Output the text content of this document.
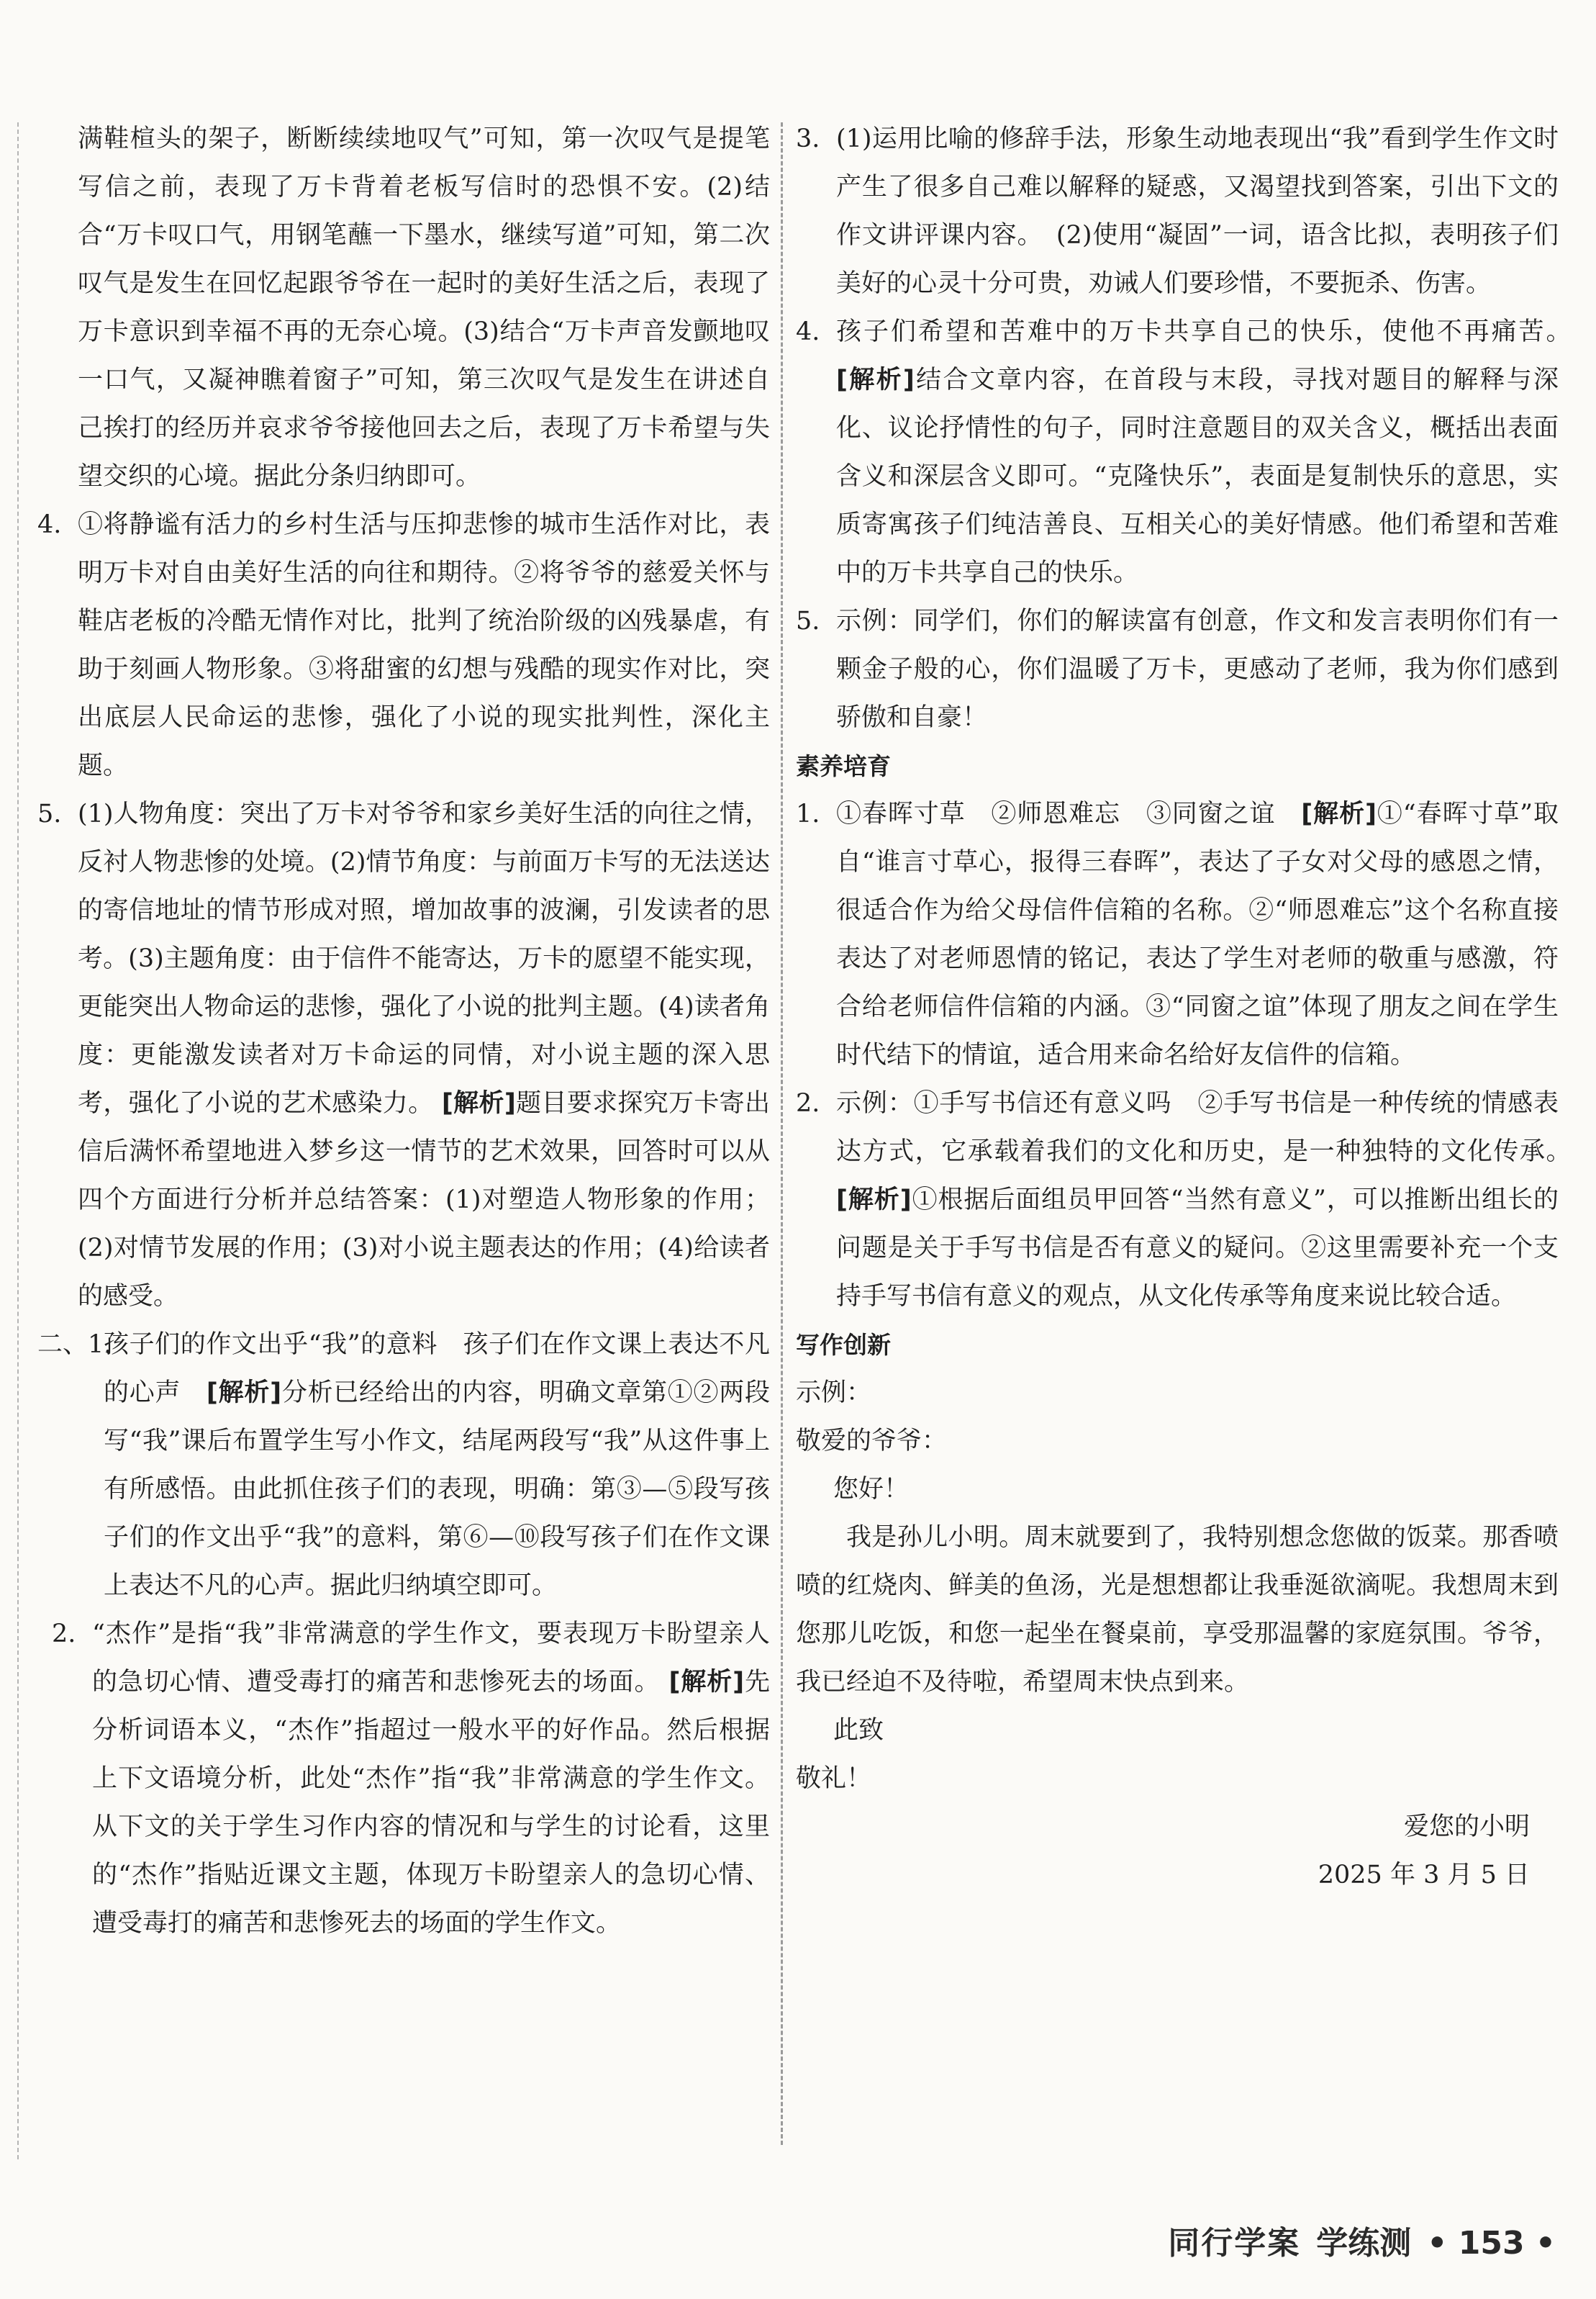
满鞋楦头的架子，断断续续地叹气”可知，第一次叹气是提笔写信之前，表现了万卡背着老板写信时的恐惧不安。(2)结合“万卡叹口气，用钢笔蘸一下墨水，继续写道”可知，第二次叹气是发生在回忆起跟爷爷在一起时的美好生活之后，表现了万卡意识到幸福不再的无奈心境。(3)结合“万卡声音发颤地叹一口气，又凝神瞧着窗子”可知，第三次叹气是发生在讲述自己挨打的经历并哀求爷爷接他回去之后，表现了万卡希望与失望交织的心境。据此分条归纳即可。

4. ①将静谧有活力的乡村生活与压抑悲惨的城市生活作对比，表明万卡对自由美好生活的向往和期待。②将爷爷的慈爱关怀与鞋店老板的冷酷无情作对比，批判了统治阶级的凶残暴虐，有助于刻画人物形象。③将甜蜜的幻想与残酷的现实作对比，突出底层人民命运的悲惨，强化了小说的现实批判性，深化主题。
5. (1)人物角度：突出了万卡对爷爷和家乡美好生活的向往之情，反衬人物悲惨的处境。(2)情节角度：与前面万卡写的无法送达的寄信地址的情节形成对照，增加故事的波澜，引发读者的思考。(3)主题角度：由于信件不能寄达，万卡的愿望不能实现，更能突出人物命运的悲惨，强化了小说的批判主题。(4)读者角度：更能激发读者对万卡命运的同情，对小说主题的深入思考，强化了小说的艺术感染力。 [解析]题目要求探究万卡寄出信后满怀希望地进入梦乡这一情节的艺术效果，回答时可以从四个方面进行分析并总结答案：(1)对塑造人物形象的作用；(2)对情节发展的作用；(3)对小说主题表达的作用；(4)给读者的感受。
二、1.
孩子们的作文出乎“我”的意料　孩子们在作文课上表达不凡的心声　[解析]分析已经给出的内容，明确文章第①②两段写“我”课后布置学生写小作文，结尾两段写“我”从这件事上有所感悟。由此抓住孩子们的表现，明确：第③—⑤段写孩子们的作文出乎“我”的意料，第⑥—⑩段写孩子们在作文课上表达不凡的心声。据此归纳填空即可。
2. “杰作”是指“我”非常满意的学生作文，要表现万卡盼望亲人的急切心情、遭受毒打的痛苦和悲惨死去的场面。 [解析]先分析词语本义，“杰作”指超过一般水平的好作品。然后根据上下文语境分析，此处“杰作”指“我”非常满意的学生作文。从下文的关于学生习作内容的情况和与学生的讨论看，这里的“杰作”指贴近课文主题，体现万卡盼望亲人的急切心情、遭受毒打的痛苦和悲惨死去的场面的学生作文。
3. (1)运用比喻的修辞手法，形象生动地表现出“我”看到学生作文时产生了很多自己难以解释的疑惑，又渴望找到答案，引出下文的作文讲评课内容。　(2)使用“凝固”一词，语含比拟，表明孩子们美好的心灵十分可贵，劝诫人们要珍惜，不要扼杀、伤害。
4. 孩子们希望和苦难中的万卡共享自己的快乐，使他不再痛苦。　[解析]结合文章内容，在首段与末段，寻找对题目的解释与深化、议论抒情性的句子，同时注意题目的双关含义，概括出表面含义和深层含义即可。“克隆快乐”，表面是复制快乐的意思，实质寄寓孩子们纯洁善良、互相关心的美好情感。他们希望和苦难中的万卡共享自己的快乐。
5. 示例：同学们，你们的解读富有创意，作文和发言表明你们有一颗金子般的心，你们温暖了万卡，更感动了老师，我为你们感到骄傲和自豪！

素养培育

1. ①春晖寸草　②师恩难忘　③同窗之谊　[解析]①“春晖寸草”取自“谁言寸草心，报得三春晖”，表达了子女对父母的感恩之情，很适合作为给父母信件信箱的名称。②“师恩难忘”这个名称直接表达了对老师恩情的铭记，表达了学生对老师的敬重与感激，符合给老师信件信箱的内涵。③“同窗之谊”体现了朋友之间在学生时代结下的情谊，适合用来命名给好友信件的信箱。
2. 示例：①手写书信还有意义吗　②手写书信是一种传统的情感表达方式，它承载着我们的文化和历史，是一种独特的文化传承。　[解析]①根据后面组员甲回答“当然有意义”，可以推断出组长的问题是关于手写书信是否有意义的疑问。②这里需要补充一个支持手写书信有意义的观点，从文化传承等角度来说比较合适。

写作创新

示例：

敬爱的爷爷：

您好！

我是孙儿小明。周末就要到了，我特别想念您做的饭菜。那香喷喷的红烧肉、鲜美的鱼汤，光是想想都让我垂涎欲滴呢。我想周末到您那儿吃饭，和您一起坐在餐桌前，享受那温馨的家庭氛围。爷爷，我已经迫不及待啦，希望周末快点到来。

此致

敬礼！

爱您的小明

2025 年 3 月 5 日

同行学案 学练测 • 153 •
